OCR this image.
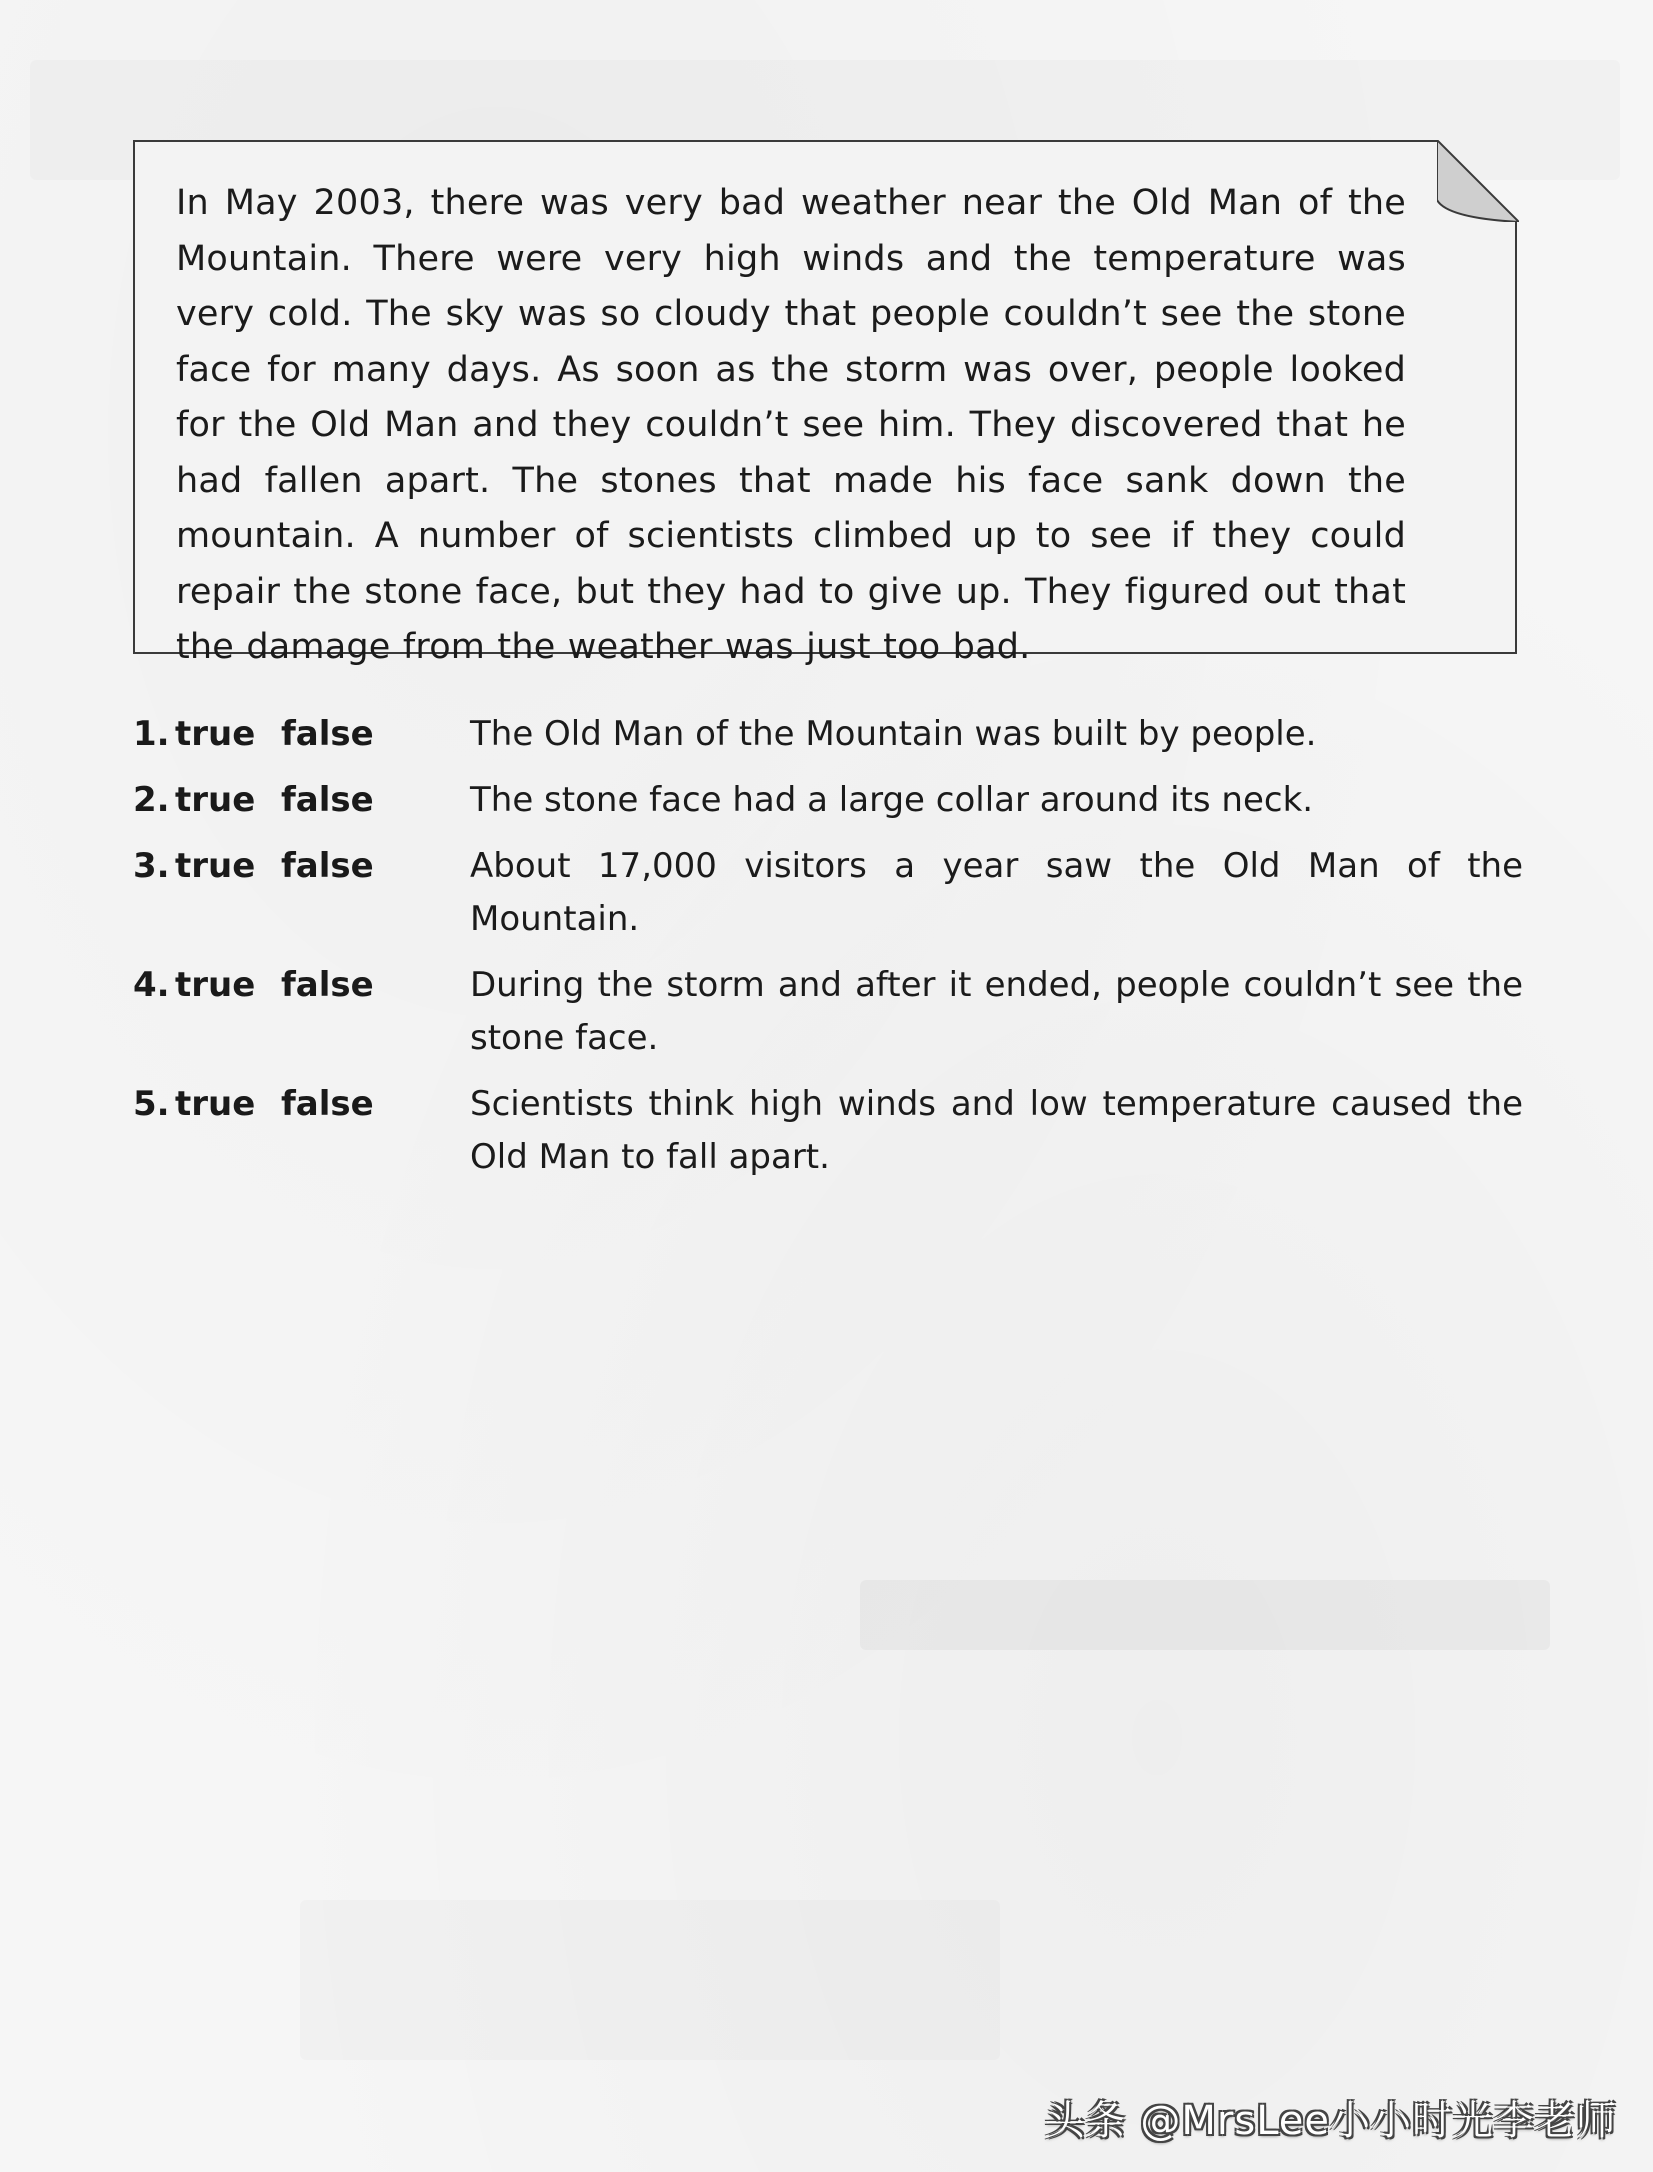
In May 2003, there was very bad weather near the Old Man of the Mountain. There were very high winds and the temperature was very cold. The sky was so cloudy that people couldn’t see the stone face for many days. As soon as the storm was over, people looked for the Old Man and they couldn’t see him. They discovered that he had fallen apart. The stones that made his face sank down the mountain. A number of scientists climbed up to see if they could repair the stone face, but they had to give up. They figured out that the damage from the weather was just too bad.

1. true false	The Old Man of the Mountain was built by people.
2. true false	The stone face had a large collar around its neck.
3. true false	About 17,000 visitors a year saw the Old Man of the Mountain.
4. true false	During the storm and after it ended, people couldn’t see the stone face.
5. true false	Scientists think high winds and low temperature caused the Old Man to fall apart.
头条 @MrsLee小小时光李老师
